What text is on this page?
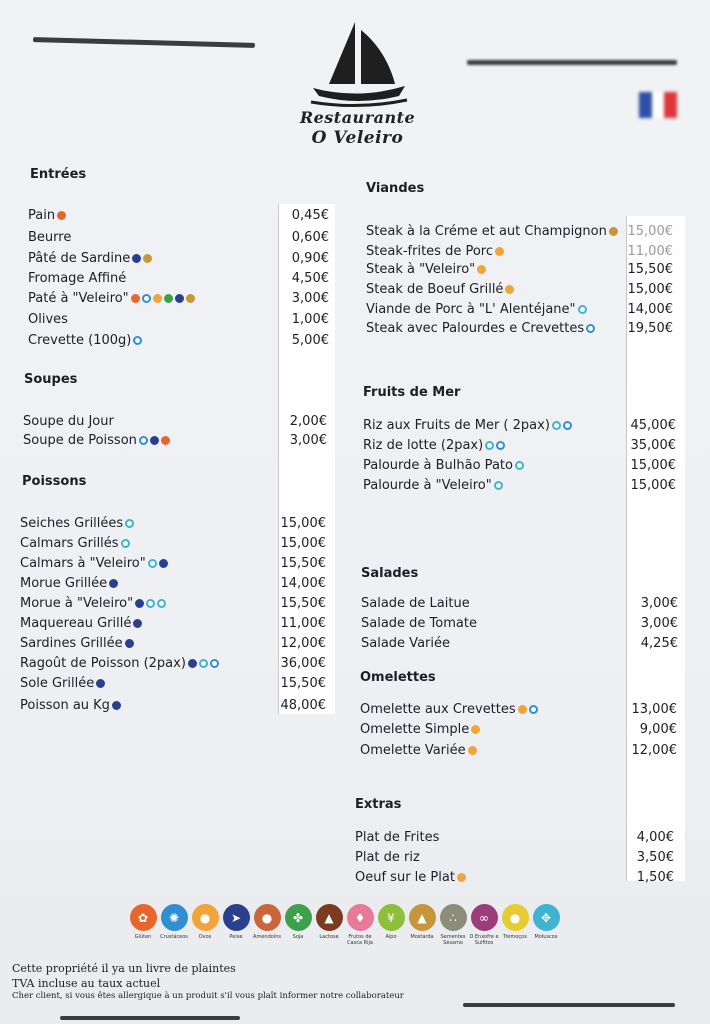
Restaurante
O Veleiro
Entrées
Soupes
Poissons
Viandes
Fruits de Mer
Salades
Omelettes
Extras
Pain	0,45€
Beurre	0,60€
Pâté de Sardine	0,90€
Fromage Affiné	4,50€
Paté à "Veleiro"	3,00€
Olives	1,00€
Crevette (100g)	5,00€
Soupe du Jour	2,00€
Soupe de Poisson	3,00€
Seiches Grillées	15,00€
Calmars Grillés	15,00€
Calmars à "Veleiro"	15,50€
Morue Grillée	14,00€
Morue à "Veleiro"	15,50€
Maquereau Grillé	11,00€
Sardines Grillée	12,00€
Ragoût de Poisson (2pax)	36,00€
Sole Grillée	15,50€
Poisson au Kg	48,00€
Steak à la Créme et aut Champignon 15,00€
Steak-frites de Porc	11,00€
Steak à "Veleiro"	15,50€
Steak de Boeuf Grillé	15,00€
Viande de Porc à "L' Alentéjane"	14,00€
Steak avec Palourdes e Crevettes	19,50€
Riz aux Fruits de Mer ( 2pax)	45,00€
Riz de lotte (2pax)	35,00€
Palourde à Bulhão Pato	15,00€
Palourde à "Veleiro"	15,00€
Salade de Laitue	3,00€
Salade de Tomate	3,00€
Salade Variée	4,25€
Omelette aux Crevettes	13,00€
Omelette Simple	9,00€
Omelette Variée	12,00€
Plat de Frites	4,00€
Plat de riz	3,50€
Oeuf sur le Plat	1,50€
✿
Glúten
✺
Crustáceos
●
Ovos
➤
Peixe
●
Amendoins
✤
Soja
▲
Lactose
♦
Frutos de Casca Rija
¥
Aipo
▲
Mostarda
∴
Sementes Sésamo
∞
D.Enxofre e Sulfitos
●
Tremoços
✥
Moluscos
Cette propriété il ya un livre de plaintes
TVA incluse au taux actuel
Cher client, si vous êtes allergique à un produit s'il vous plaît informer notre collaborateur
